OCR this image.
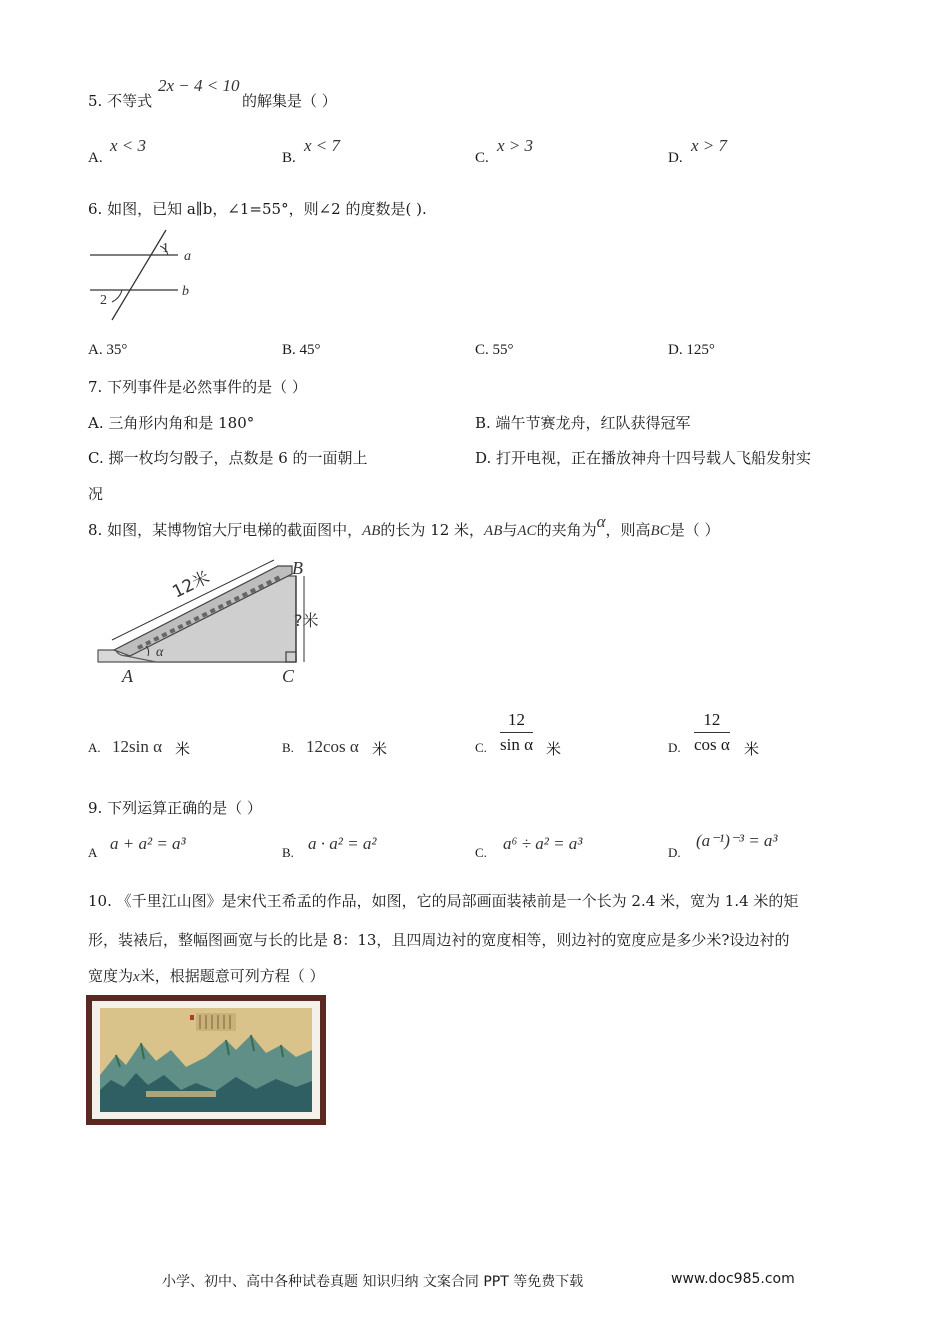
5. 不等式
2x − 4 < 10
的解集是（ ）
A.
x < 3
B.
x < 7
C.
x > 3
D.
x > 7
6. 如图，已知 a∥b，∠1=55°，则∠2 的度数是( ).
1
2
a
b
A. 35°	B. 45°	C. 55°	D. 125°
7. 下列事件是必然事件的是（ ）
A. 三角形内角和是 180°	B. 端午节赛龙舟，红队获得冠军
C. 掷一枚均匀骰子，点数是 6 的一面朝上	D. 打开电视，正在播放神舟十四号载人飞船发射实
况
8. 如图，某博物馆大厅电梯的截面图中，AB的长为 12 米，AB与AC的夹角为α，则高BC是（ ）
12米
?米
A
B
C
α
A. 12sin α 米	B. 12cos α 米	C.
12
sin α 米	D.
12
cos α 米
9. 下列运算正确的是（ ）
A a + a² = a³	B. a · a² = a²	C. a⁶ ÷ a² = a³	D.
(a⁻¹)⁻³ = a³
10. 《千里江山图》是宋代王希孟的作品，如图，它的局部画面装裱前是一个长为 2.4 米，宽为 1.4 米的矩
形，装裱后，整幅图画宽与长的比是 8：13，且四周边衬的宽度相等，则边衬的宽度应是多少米?设边衬的
宽度为x米，根据题意可列方程（ ）
小学、初中、高中各种试卷真题 知识归纳 文案合同 PPT 等免费下载	www.doc985.com
